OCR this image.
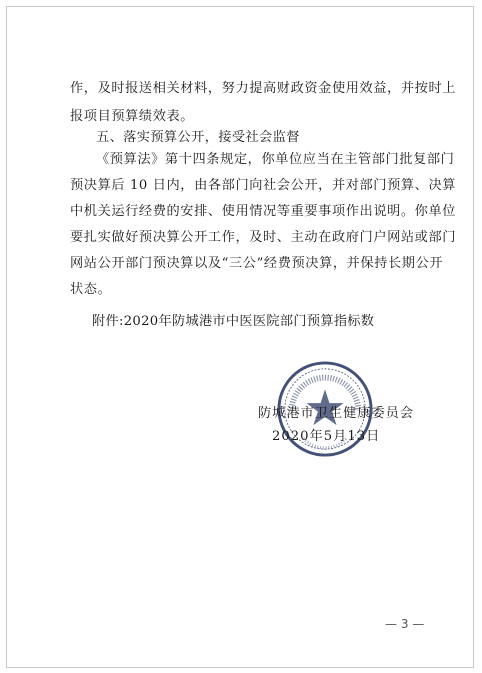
作，及时报送相关材料，努力提高财政资金使用效益，并按时上
报项目预算绩效表。
五、落实预算公开，接受社会监督
《预算法》第十四条规定，你单位应当在主管部门批复部门
预决算后 10 日内，由各部门向社会公开，并对部门预算、决算
中机关运行经费的安排、使用情况等重要事项作出说明。你单位
要扎实做好预决算公开工作，及时、主动在政府门户网站或部门
网站公开部门预决算以及“三公”经费预决算，并保持长期公开
状态。
附件:2020年防城港市中医医院部门预算指标数
防城港市卫生健康委员会
2020年5月13日
— 3 —
